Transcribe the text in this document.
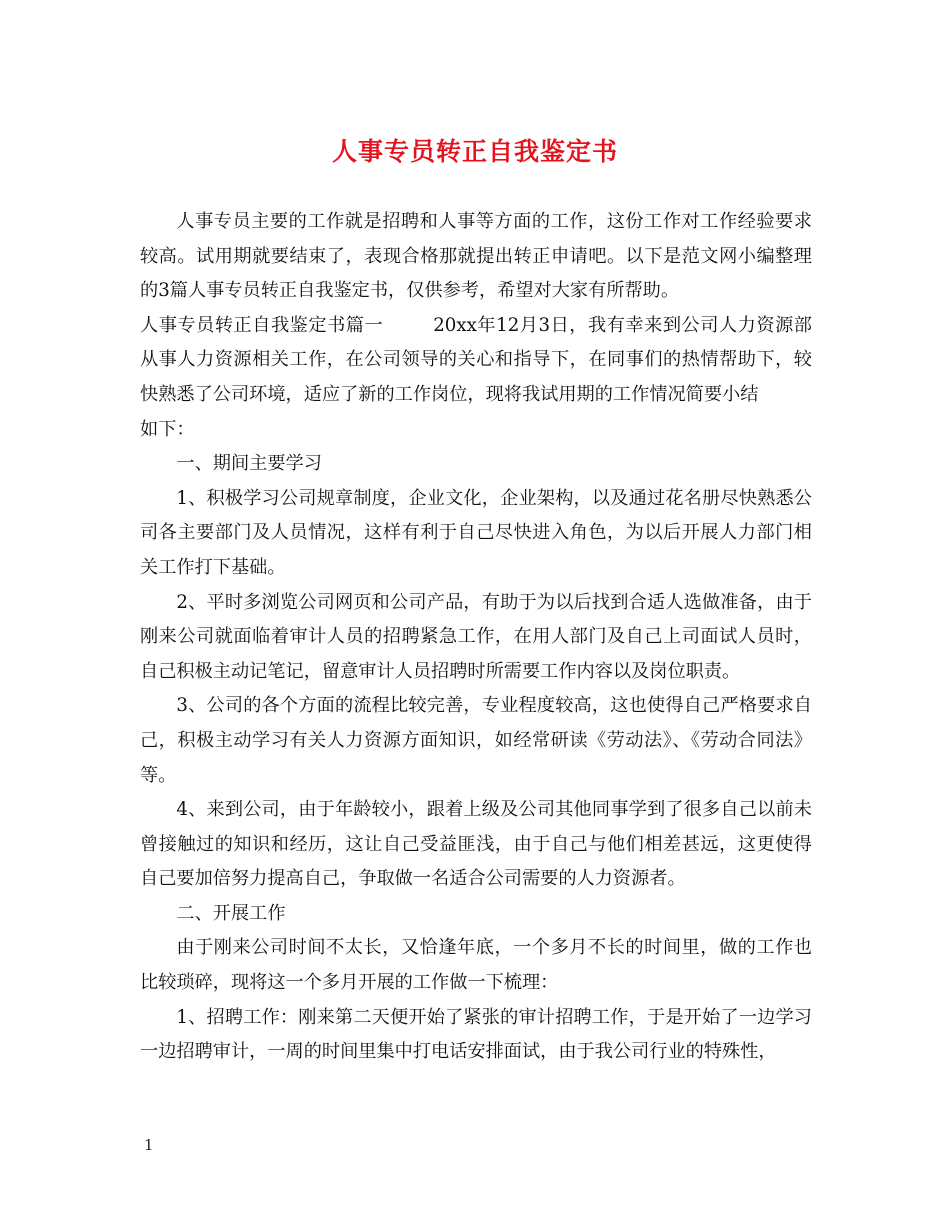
人事专员转正自我鉴定书

人事专员主要的工作就是招聘和人事等方面的工作，这份工作对工作经验要求较高。试用期就要结束了，表现合格那就提出转正申请吧。以下是范文网小编整理的3篇人事专员转正自我鉴定书，仅供参考，希望对大家有所帮助。

人事专员转正自我鉴定书篇一	20xx年12月3日，我有幸来到公司人力资源部从事人力资源相关工作，在公司领导的关心和指导下，在同事们的热情帮助下，较快熟悉了公司环境，适应了新的工作岗位，现将我试用期的工作情况简要小结

如下：

一、期间主要学习

1、积极学习公司规章制度，企业文化，企业架构，以及通过花名册尽快熟悉公司各主要部门及人员情况，这样有利于自己尽快进入角色，为以后开展人力部门相关工作打下基础。

2、平时多浏览公司网页和公司产品，有助于为以后找到合适人选做准备，由于刚来公司就面临着审计人员的招聘紧急工作，在用人部门及自己上司面试人员时，自己积极主动记笔记，留意审计人员招聘时所需要工作内容以及岗位职责。

3、公司的各个方面的流程比较完善，专业程度较高，这也使得自己严格要求自己，积极主动学习有关人力资源方面知识，如经常研读《劳动法》、《劳动合同法》等。

4、来到公司，由于年龄较小，跟着上级及公司其他同事学到了很多自己以前未曾接触过的知识和经历，这让自己受益匪浅，由于自己与他们相差甚远，这更使得自己要加倍努力提高自己，争取做一名适合公司需要的人力资源者。

二、开展工作

由于刚来公司时间不太长，又恰逢年底，一个多月不长的时间里，做的工作也比较琐碎，现将这一个多月开展的工作做一下梳理：

1、招聘工作：刚来第二天便开始了紧张的审计招聘工作，于是开始了一边学习一边招聘审计，一周的时间里集中打电话安排面试，由于我公司行业的特殊性，

1
